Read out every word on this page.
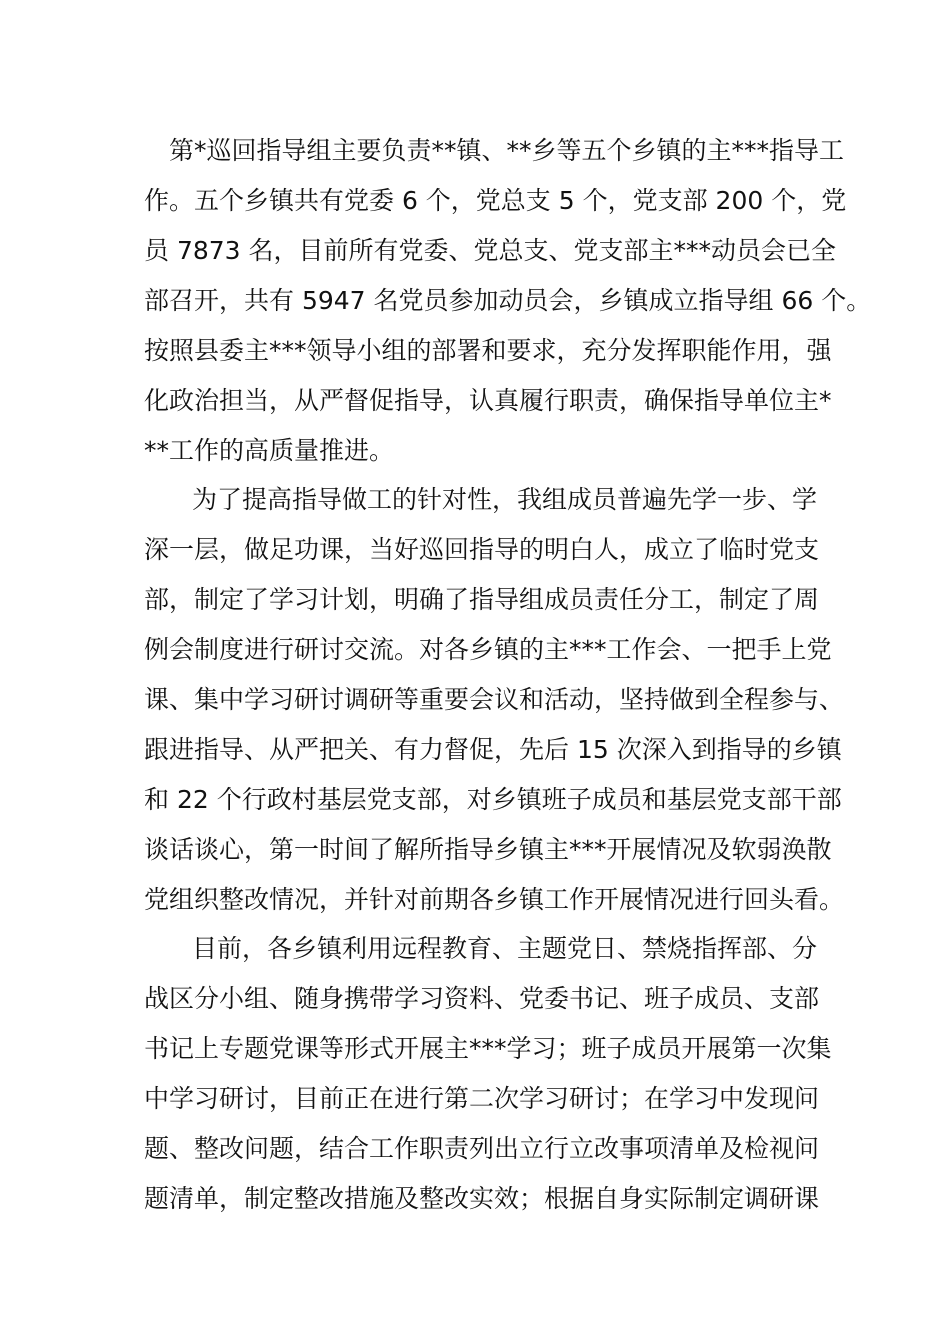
第*巡回指导组主要负责**镇、**乡等五个乡镇的主***指导工
作。五个乡镇共有党委 6 个，党总支 5 个，党支部 200 个，党
员 7873 名，目前所有党委、党总支、党支部主***动员会已全
部召开，共有 5947 名党员参加动员会，乡镇成立指导组 66 个。
按照县委主***领导小组的部署和要求，充分发挥职能作用，强
化政治担当，从严督促指导，认真履行职责，确保指导单位主*
**工作的高质量推进。
为了提高指导做工的针对性，我组成员普遍先学一步、学
深一层，做足功课，当好巡回指导的明白人，成立了临时党支
部，制定了学习计划，明确了指导组成员责任分工，制定了周
例会制度进行研讨交流。对各乡镇的主***工作会、一把手上党
课、集中学习研讨调研等重要会议和活动，坚持做到全程参与、
跟进指导、从严把关、有力督促，先后 15 次深入到指导的乡镇
和 22 个行政村基层党支部，对乡镇班子成员和基层党支部干部
谈话谈心，第一时间了解所指导乡镇主***开展情况及软弱涣散
党组织整改情况，并针对前期各乡镇工作开展情况进行回头看。
目前，各乡镇利用远程教育、主题党日、禁烧指挥部、分
战区分小组、随身携带学习资料、党委书记、班子成员、支部
书记上专题党课等形式开展主***学习；班子成员开展第一次集
中学习研讨，目前正在进行第二次学习研讨；在学习中发现问
题、整改问题，结合工作职责列出立行立改事项清单及检视问
题清单，制定整改措施及整改实效；根据自身实际制定调研课
